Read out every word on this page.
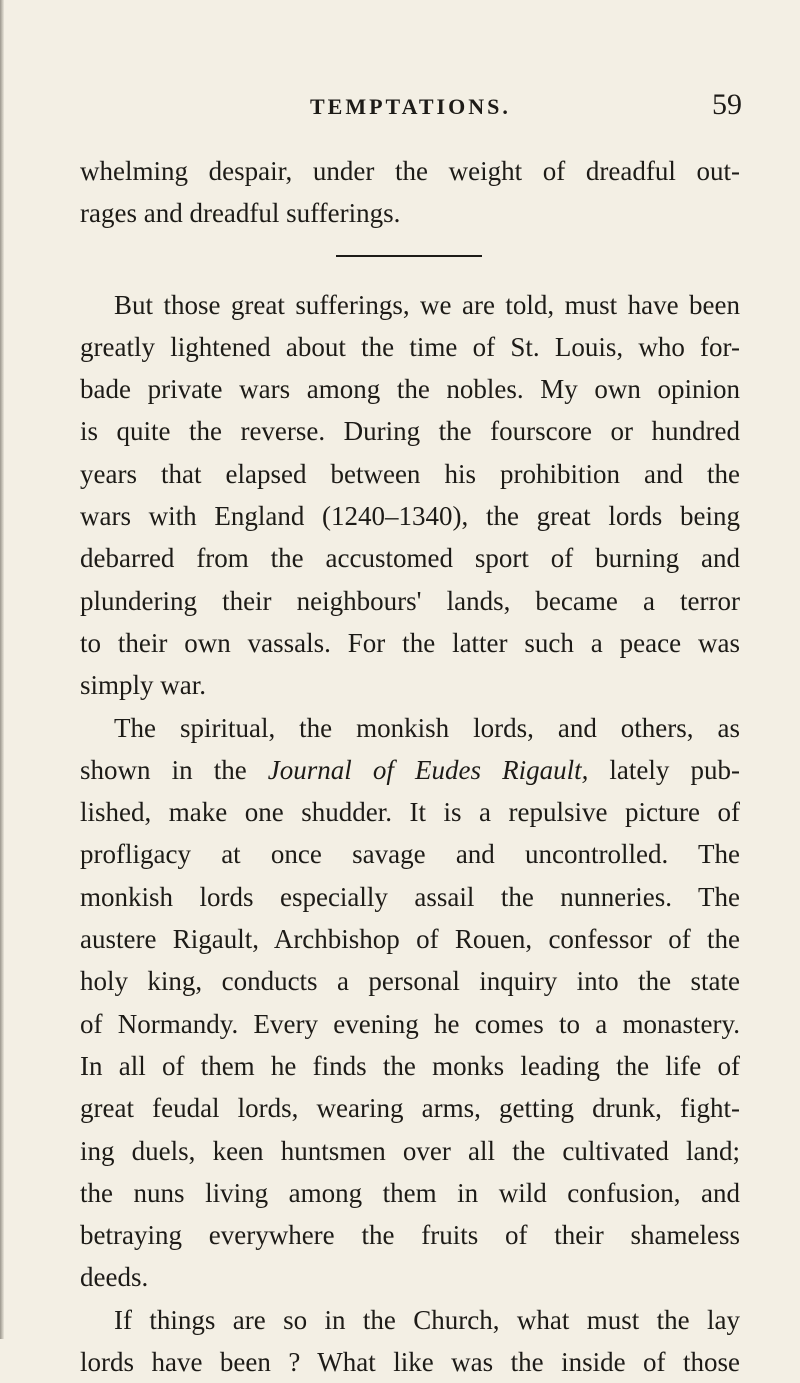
TEMPTATIONS.	59
whelming despair, under the weight of dreadful out-
rages and dreadful sufferings.
But those great sufferings, we are told, must have been
greatly lightened about the time of St. Louis, who for-
bade private wars among the nobles. My own opinion
is quite the reverse. During the fourscore or hundred
years that elapsed between his prohibition and the
wars with England (1240–1340), the great lords being
debarred from the accustomed sport of burning and
plundering their neighbours' lands, became a terror
to their own vassals. For the latter such a peace was
simply war.
The spiritual, the monkish lords, and others, as
shown in the Journal of Eudes Rigault, lately pub-
lished, make one shudder. It is a repulsive picture of
profligacy at once savage and uncontrolled. The
monkish lords especially assail the nunneries. The
austere Rigault, Archbishop of Rouen, confessor of the
holy king, conducts a personal inquiry into the state
of Normandy. Every evening he comes to a monastery.
In all of them he finds the monks leading the life of
great feudal lords, wearing arms, getting drunk, fight-
ing duels, keen huntsmen over all the cultivated land;
the nuns living among them in wild confusion, and
betraying everywhere the fruits of their shameless
deeds.
If things are so in the Church, what must the lay
lords have been ? What like was the inside of those
